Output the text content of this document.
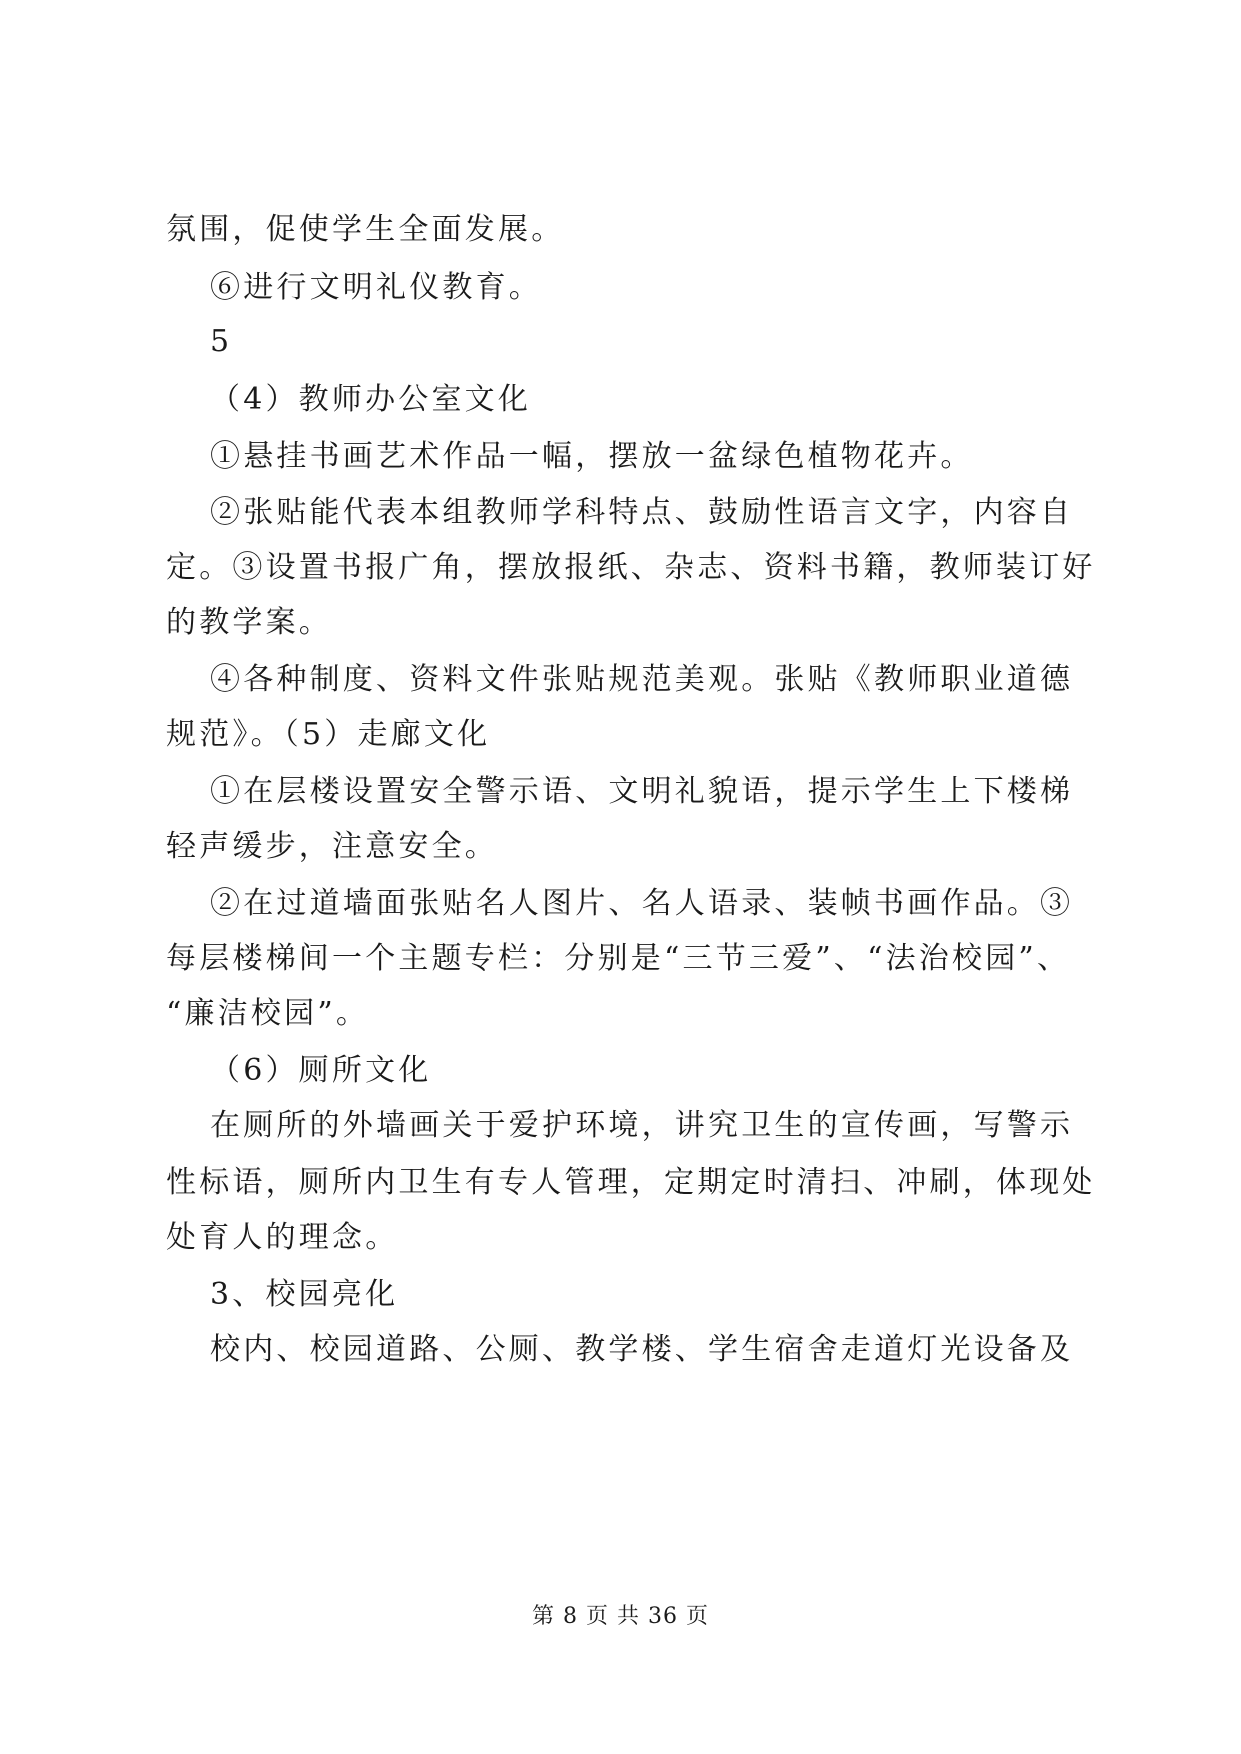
氛围，促使学生全面发展。
⑥进行文明礼仪教育。
5
（4）教师办公室文化
①悬挂书画艺术作品一幅，摆放一盆绿色植物花卉。
②张贴能代表本组教师学科特点、鼓励性语言文字，内容自
定。③设置书报广角，摆放报纸、杂志、资料书籍，教师装订好
的教学案。
④各种制度、资料文件张贴规范美观。张贴《教师职业道德
规范》。（5）走廊文化
①在层楼设置安全警示语、文明礼貌语，提示学生上下楼梯
轻声缓步，注意安全。
②在过道墙面张贴名人图片、名人语录、装帧书画作品。③
每层楼梯间一个主题专栏：分别是“三节三爱”、“法治校园”、
“廉洁校园”。
（6）厕所文化
在厕所的外墙画关于爱护环境，讲究卫生的宣传画，写警示
性标语，厕所内卫生有专人管理，定期定时清扫、冲刷，体现处
处育人的理念。
3、校园亮化
校内、校园道路、公厕、教学楼、学生宿舍走道灯光设备及
第 8 页 共 36 页
